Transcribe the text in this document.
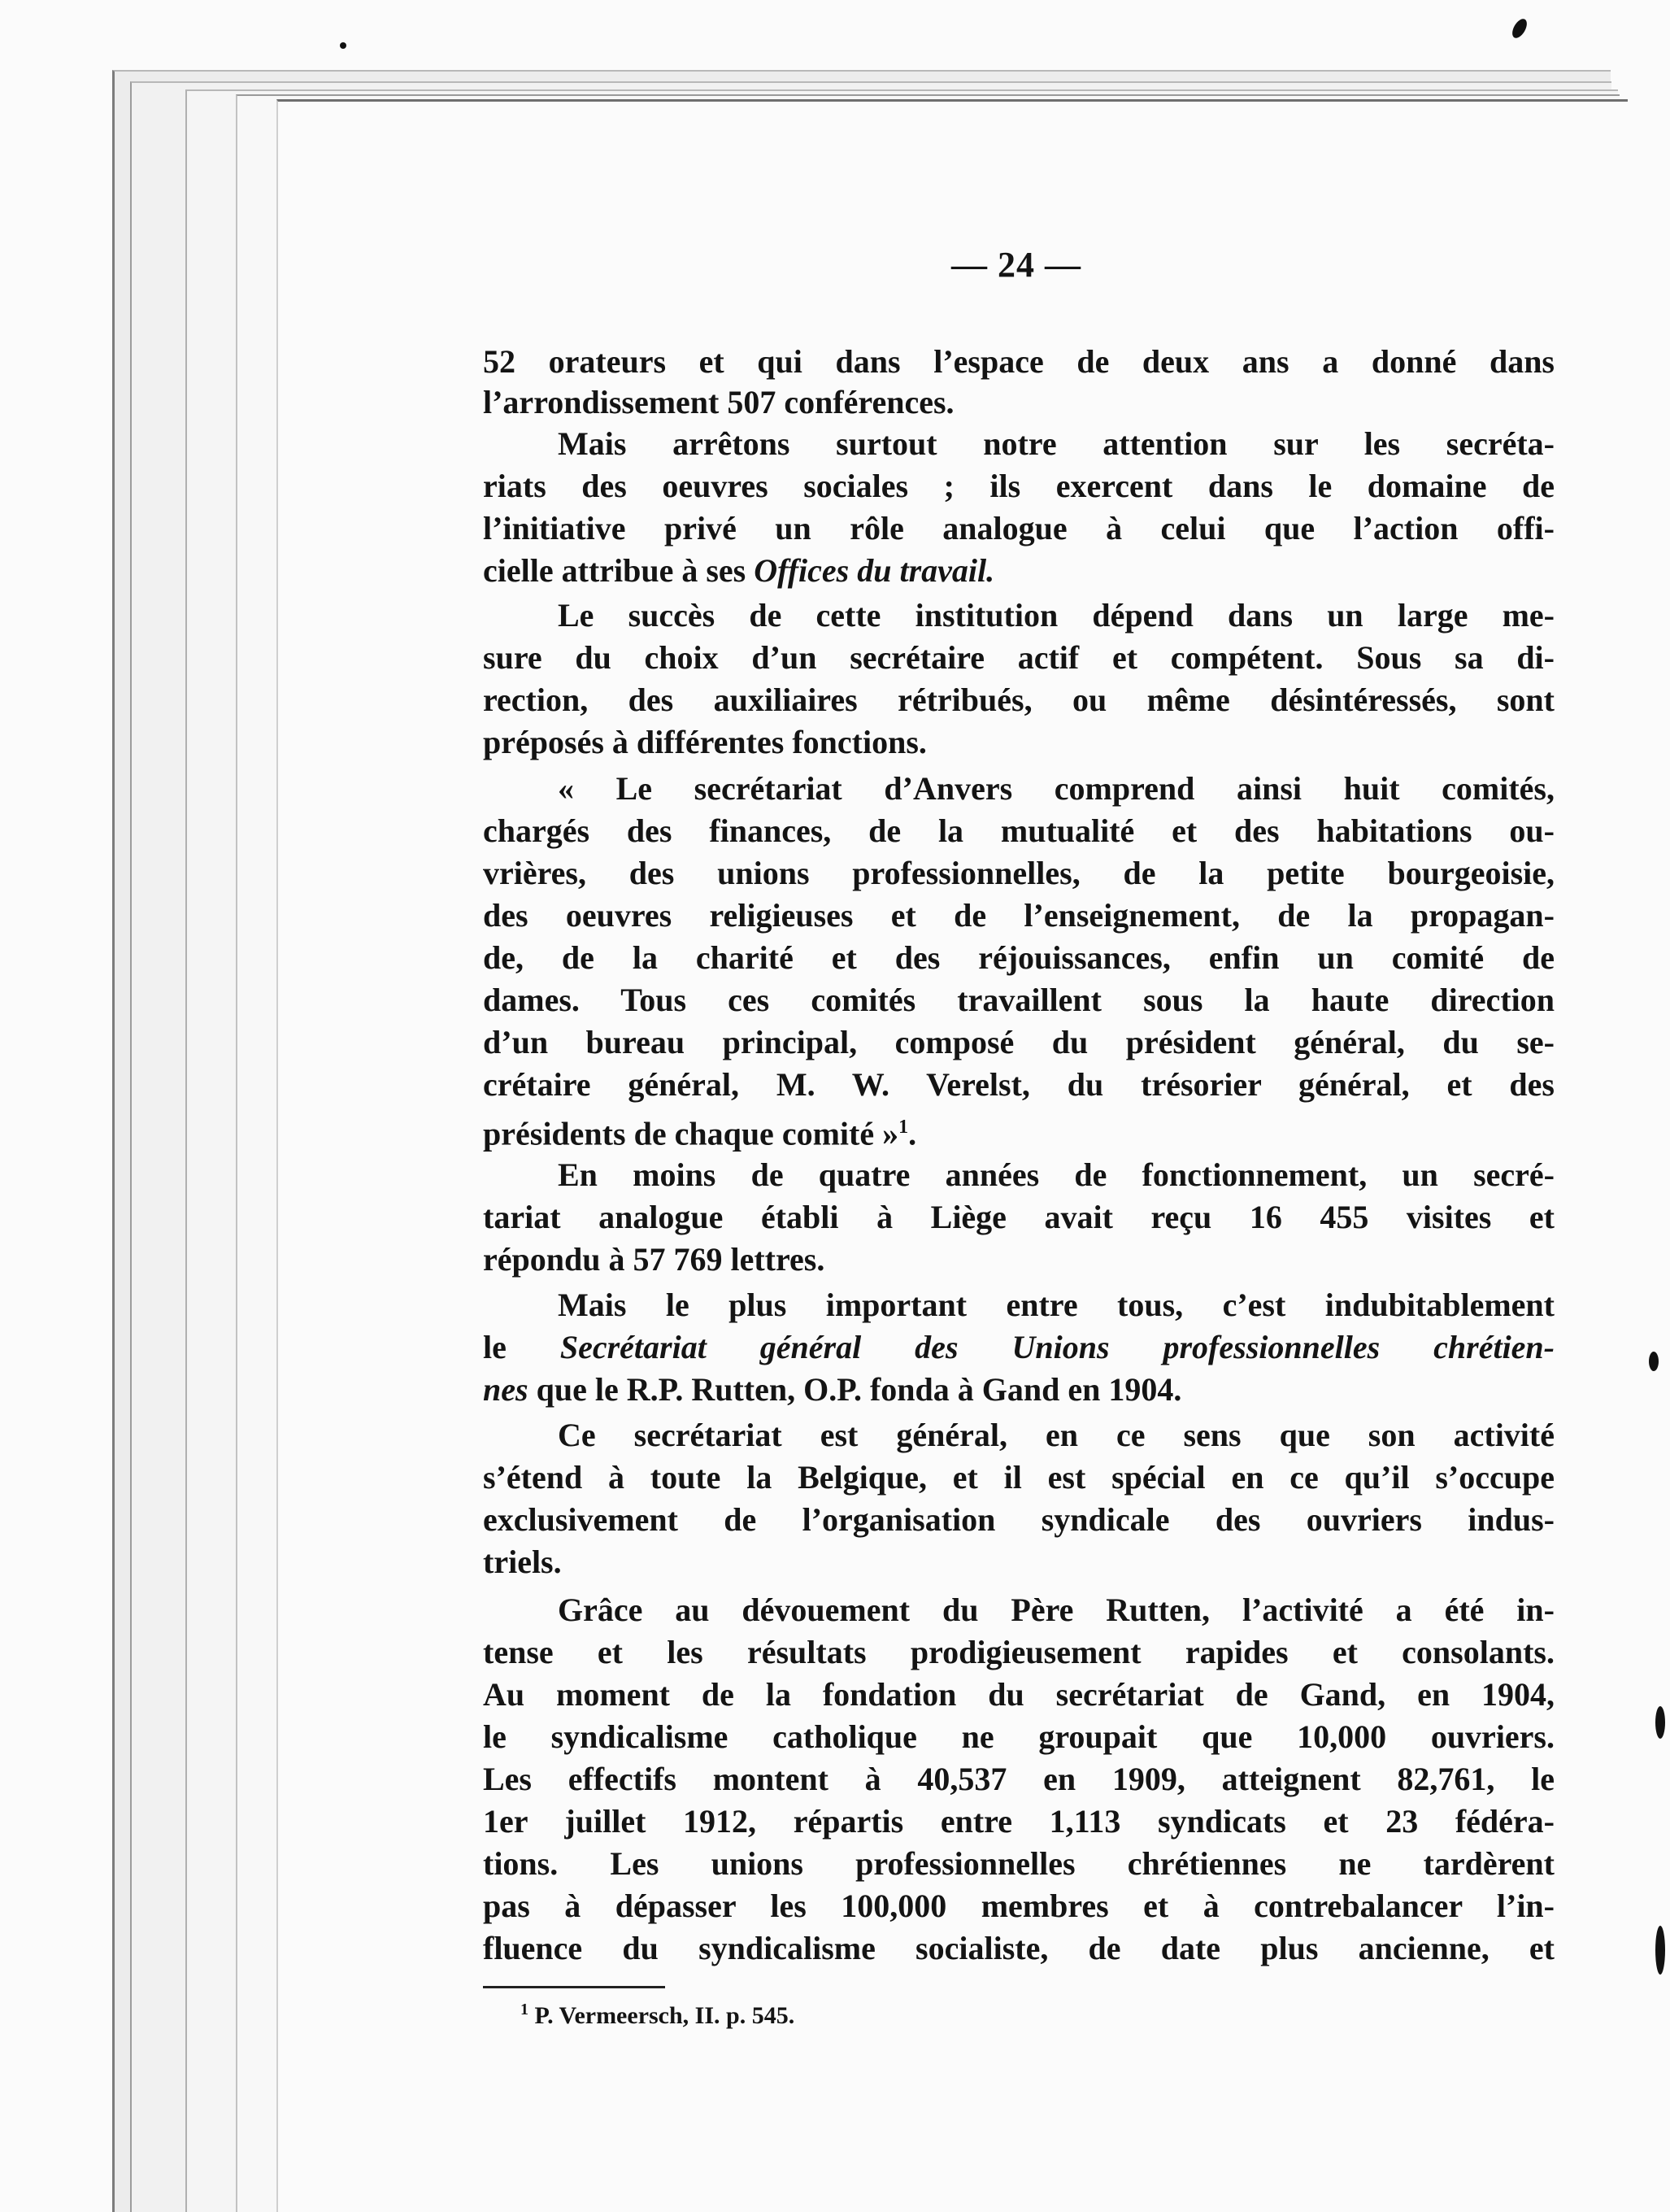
— 24 —
52 orateurs et qui dans l’espace de deux ans a donné dans
l’arrondissement 507 conférences.
Mais arrêtons surtout notre attention sur les secréta-
riats des oeuvres sociales ; ils exercent dans le domaine de
l’initiative privé un rôle analogue à celui que l’action offi-
cielle attribue à ses Offices du travail.
Le succès de cette institution dépend dans un large me-
sure du choix d’un secrétaire actif et compétent. Sous sa di-
rection, des auxiliaires rétribués, ou même désintéressés, sont
préposés à différentes fonctions.
« Le secrétariat d’Anvers comprend ainsi huit comités,
chargés des finances, de la mutualité et des habitations ou-
vrières, des unions professionnelles, de la petite bourgeoisie,
des oeuvres religieuses et de l’enseignement, de la propagan-
de, de la charité et des réjouissances, enfin un comité de
dames. Tous ces comités travaillent sous la haute direction
d’un bureau principal, composé du président général, du se-
crétaire général, M. W. Verelst, du trésorier général, et des
présidents de chaque comité »$^1$.
En moins de quatre années de fonctionnement, un secré-
tariat analogue établi à Liège avait reçu 16 455 visites et
répondu à 57 769 lettres.
Mais le plus important entre tous, c’est indubitablement
le Secrétariat général des Unions professionnelles chrétien-
nes que le R.P. Rutten, O.P. fonda à Gand en 1904.
Ce secrétariat est général, en ce sens que son activité
s’étend à toute la Belgique, et il est spécial en ce qu’il s’occupe
exclusivement de l’organisation syndicale des ouvriers indus-
triels.
Grâce au dévouement du Père Rutten, l’activité a été in-
tense et les résultats prodigieusement rapides et consolants.
Au moment de la fondation du secrétariat de Gand, en 1904,
le syndicalisme catholique ne groupait que 10,000 ouvriers.
Les effectifs montent à 40,537 en 1909, atteignent 82,761, le
1er juillet 1912, répartis entre 1,113 syndicats et 23 fédéra-
tions. Les unions professionnelles chrétiennes ne tardèrent
pas à dépasser les 100,000 membres et à contrebalancer l’in-
fluence du syndicalisme socialiste, de date plus ancienne, et
$^1$ P. Vermeersch, II. p. 545.
